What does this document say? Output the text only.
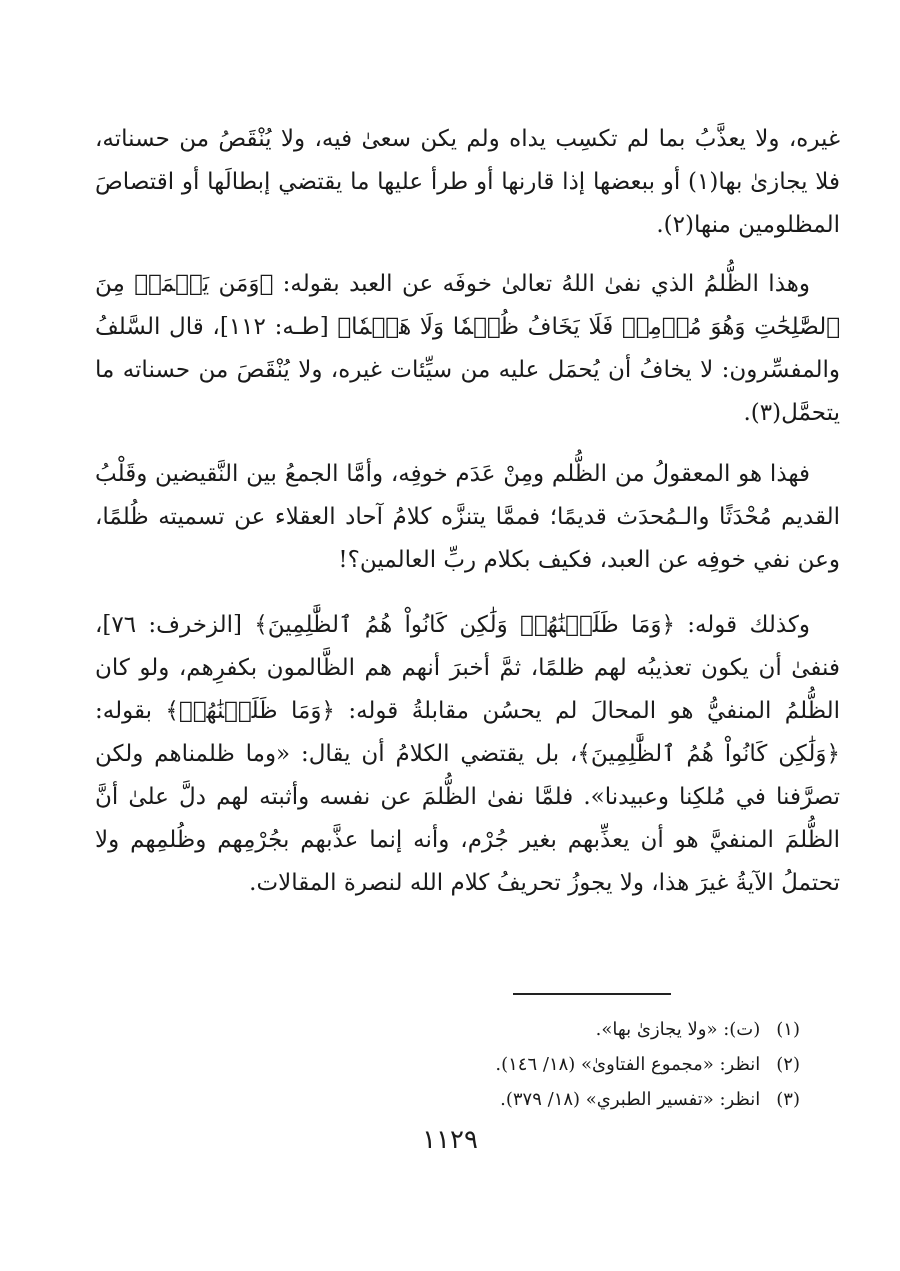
غيره، ولا يعذَّبُ بما لم تكسِب يداه ولم يكن سعىٰ فيه، ولا يُنْقَصُ من حسناته، فلا يجازىٰ بها(١) أو ببعضها إذا قارنها أو طرأ عليها ما يقتضي إبطالَها أو اقتصاصَ المظلومين منها(٢).

وهذا الظُّلمُ الذي نفىٰ اللهُ تعالىٰ خوفَه عن العبد بقوله: ﴿وَمَن يَعۡمَلۡ مِنَ ٱلصَّٰلِحَٰتِ وَهُوَ مُؤۡمِنٞ فَلَا يَخَافُ ظُلۡمٗا وَلَا هَضۡمٗا﴾ [طـه: ١١٢]، قال السَّلفُ والمفسِّرون: لا يخافُ أن يُحمَل عليه من سيِّئات غيره، ولا يُنْقَصَ من حسناته ما يتحمَّل(٣).

فهذا هو المعقولُ من الظُّلم ومِنْ عَدَم خوفِه، وأمَّا الجمعُ بين النَّقيضين وقَلْبُ القديم مُحْدَثًا والـمُحدَث قديمًا؛ فممَّا يتنزَّه كلامُ آحاد العقلاء عن تسميته ظُلمًا، وعن نفي خوفِه عن العبد، فكيف بكلام ربِّ العالمين؟!

وكذلك قوله: ﴿وَمَا ظَلَمۡنَٰهُمۡ وَلَٰكِن كَانُواْ هُمُ ٱلظَّٰلِمِينَ﴾ [الزخرف: ٧٦]، فنفىٰ أن يكون تعذيبُه لهم ظلمًا، ثمَّ أخبرَ أنهم هم الظَّالمون بكفرِهم، ولو كان الظُّلمُ المنفيُّ هو المحالَ لم يحسُن مقابلةُ قوله: ﴿وَمَا ظَلَمۡنَٰهُمۡ﴾ بقوله: ﴿وَلَٰكِن كَانُواْ هُمُ ٱلظَّٰلِمِينَ﴾، بل يقتضي الكلامُ أن يقال: «وما ظلمناهم ولكن تصرَّفنا في مُلكِنا وعبيدنا». فلمَّا نفىٰ الظُّلمَ عن نفسه وأثبته لهم دلَّ علىٰ أنَّ الظُّلمَ المنفيَّ هو أن يعذِّبهم بغير جُرْم، وأنه إنما عذَّبهم بجُرْمِهم وظُلمِهم ولا تحتملُ الآيةُ غيرَ هذا، ولا يجوزُ تحريفُ كلام الله لنصرة المقالات.

(١) (ت): «ولا يجازىٰ بها».
(٢) انظر: «مجموع الفتاوىٰ» (١٨/ ١٤٦).
(٣) انظر: «تفسير الطبري» (١٨/ ٣٧٩).
١١٢٩
